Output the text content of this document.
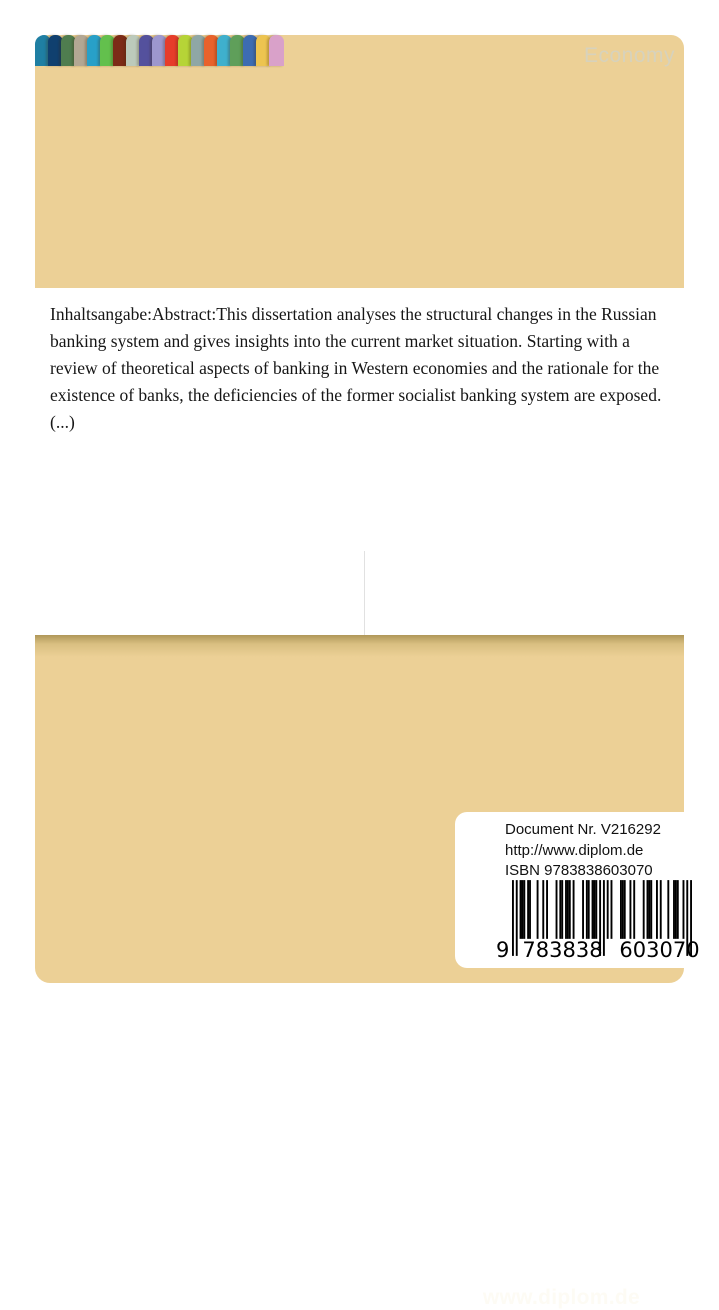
Economy
Inhaltsangabe:Abstract:This dissertation analyses the structural changes in the Russian banking system and gives insights into the current market situation. Starting with a review of theoretical aspects of banking in Western economies and the rationale for the existence of banks, the deficiencies of the former socialist banking system are exposed. (...)
www.diplom.de
Document Nr. V216292
http://www.diplom.de
ISBN 9783838603070
9 783838 603070
